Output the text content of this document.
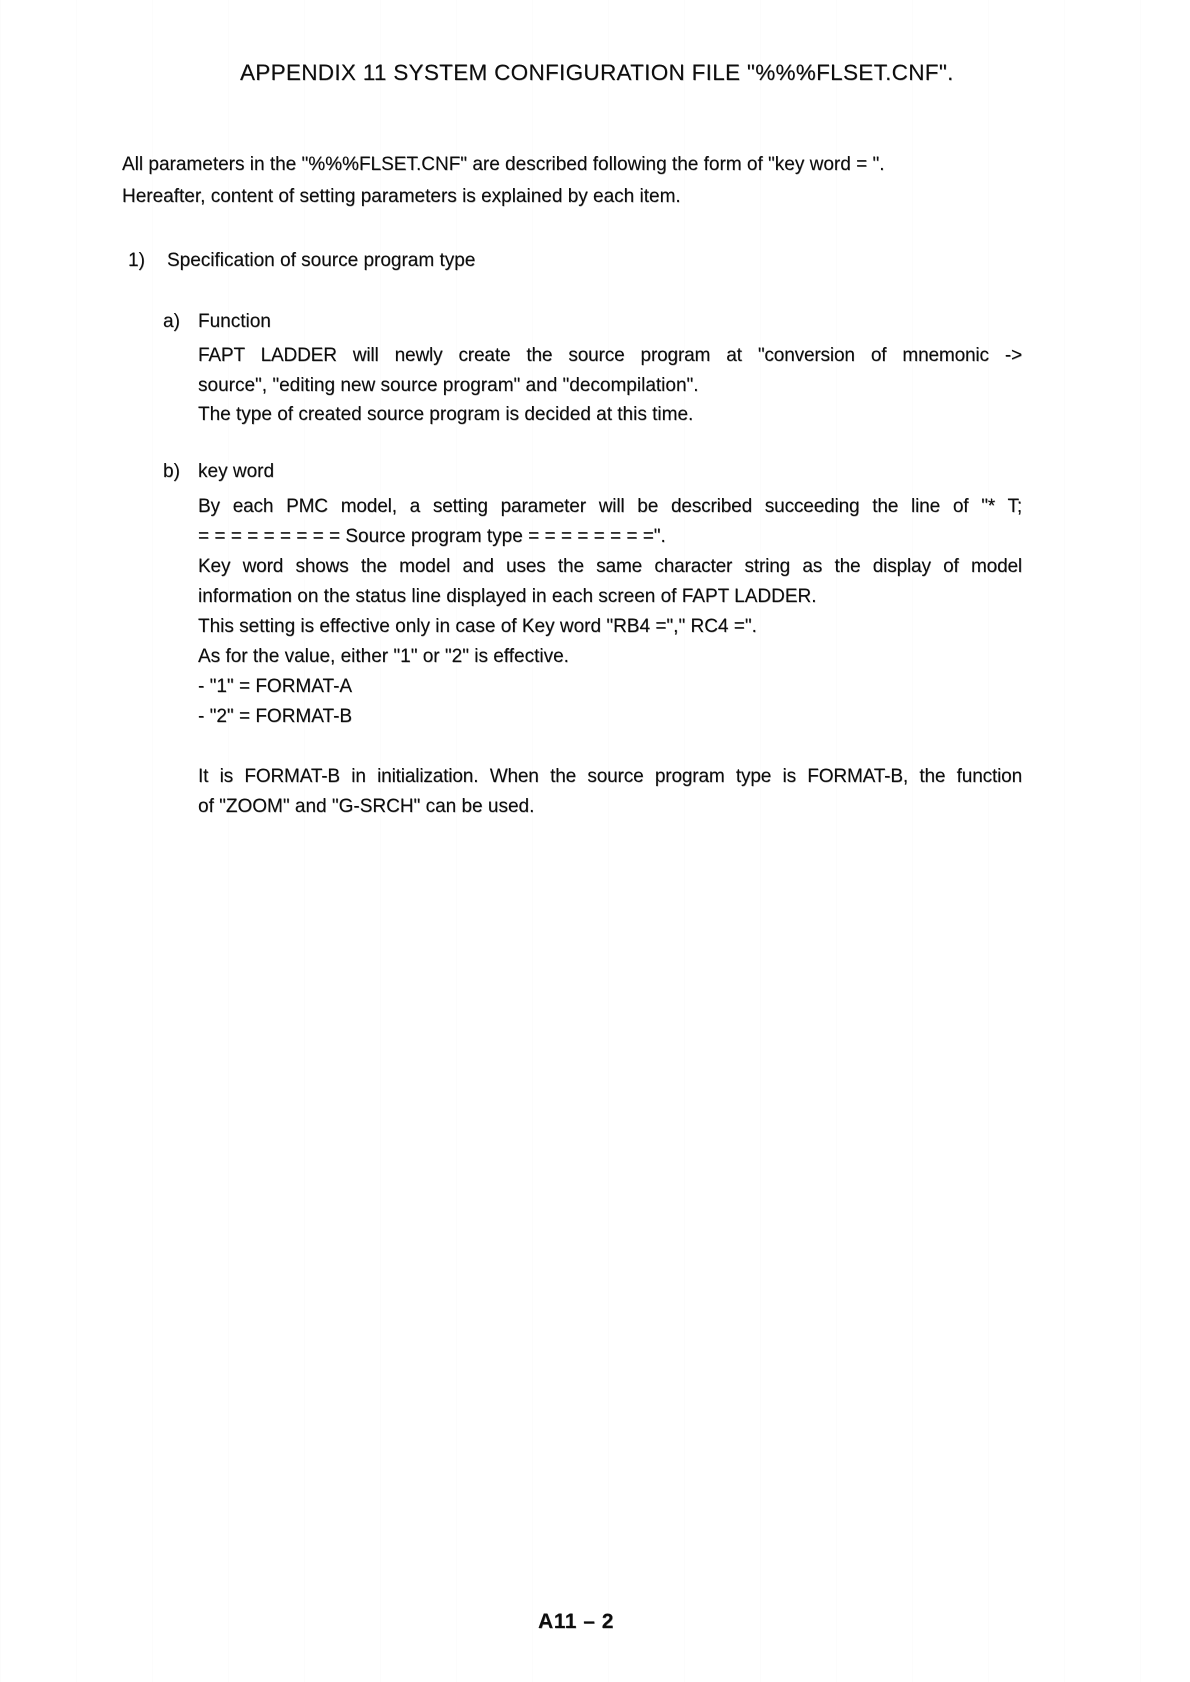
APPENDIX 11 SYSTEM CONFIGURATION FILE "%%%FLSET.CNF".
All parameters in the "%%%FLSET.CNF" are described following the form of "key word = ".
Hereafter, content of setting parameters is explained by each item.
1)	Specification of source program type
a) Function
FAPT LADDER will newly create the source program at "conversion of mnemonic ->
source", "editing new source program" and "decompilation".
The type of created source program is decided at this time.
b) key word
By each PMC model, a setting parameter will be described succeeding the line of "* T;
= = = = = = = = = Source program type = = = = = = = =".
Key word shows the model and uses the same character string as the display of model
information on the status line displayed in each screen of FAPT LADDER.
This setting is effective only in case of Key word "RB4 ="," RC4 =".
As for the value, either "1" or "2" is effective.
- "1" = FORMAT-A
- "2" = FORMAT-B
It is FORMAT-B in initialization. When the source program type is FORMAT-B, the function
of "ZOOM" and "G-SRCH" can be used.
A11 – 2
